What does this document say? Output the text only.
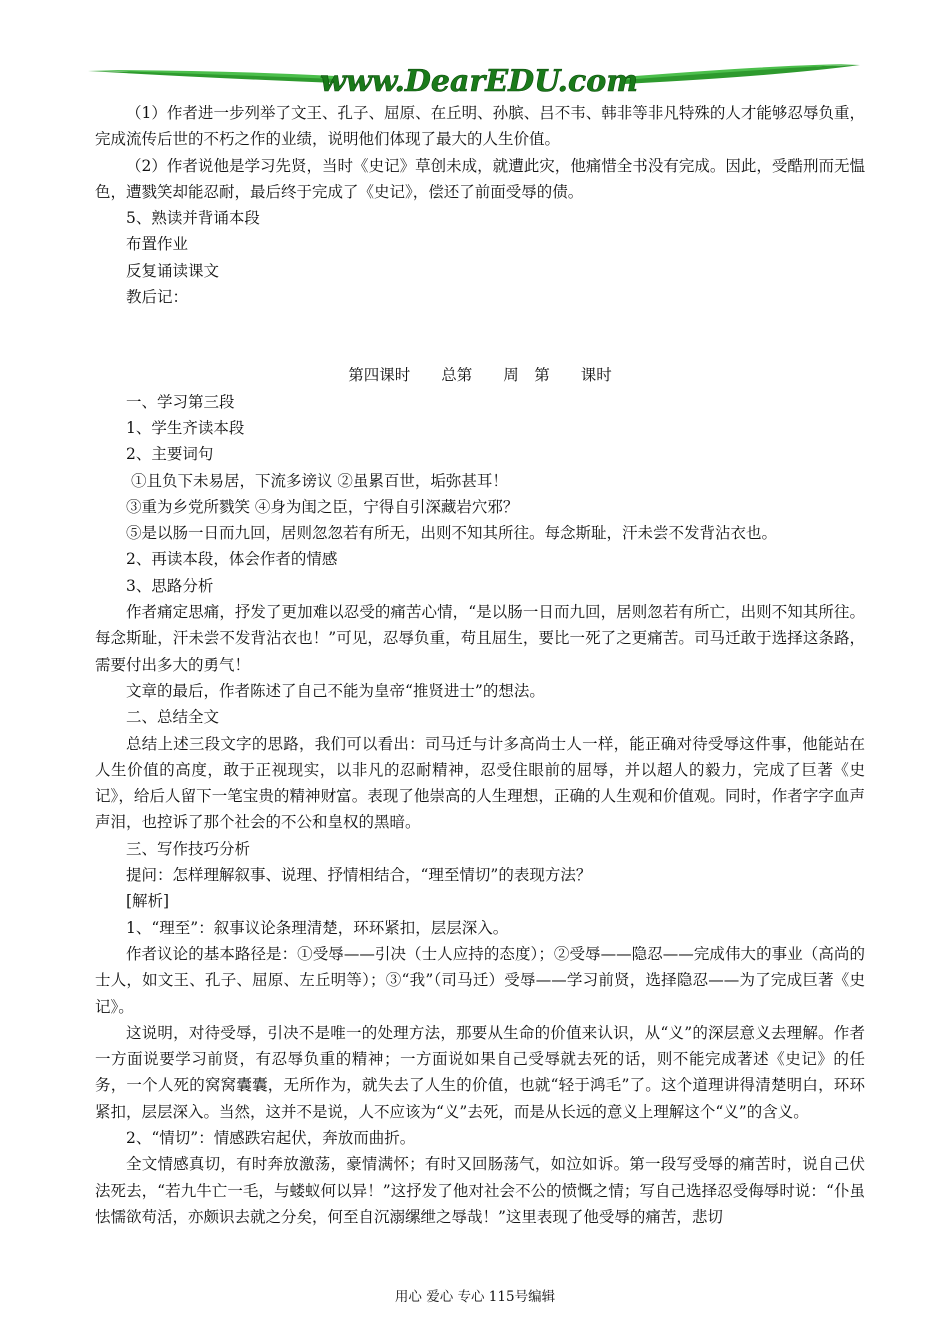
www.DearEDU.com

（1）作者进一步列举了文王、孔子、屈原、在丘明、孙膑、吕不韦、韩非等非凡特殊的人才能够忍辱负重，完成流传后世的不朽之作的业绩，说明他们体现了最大的人生价值。

（2）作者说他是学习先贤，当时《史记》草创未成，就遭此灾，他痛惜全书没有完成。因此，受酷刑而无愠色，遭戮笑却能忍耐，最后终于完成了《史记》，偿还了前面受辱的债。

5、熟读并背诵本段

布置作业

反复诵读课文

教后记：

第四课时　　总第　　周　第　　课时

一、学习第三段

1、学生齐读本段

2、主要词句

①且负下未易居，下流多谤议 ②虽累百世，垢弥甚耳！

③重为乡党所戮笑 ④身为闺之臣，宁得自引深藏岩穴邪？

⑤是以肠一日而九回，居则忽忽若有所无，出则不知其所往。每念斯耻，汗未尝不发背沾衣也。

2、再读本段，体会作者的情感

3、思路分析

作者痛定思痛，抒发了更加难以忍受的痛苦心情，“是以肠一日而九回，居则忽若有所亡，出则不知其所往。每念斯耻，汗未尝不发背沾衣也！”可见，忍辱负重，苟且屈生，要比一死了之更痛苦。司马迁敢于选择这条路，需要付出多大的勇气！

文章的最后，作者陈述了自己不能为皇帝“推贤进士”的想法。

二、总结全文

总结上述三段文字的思路，我们可以看出：司马迁与计多高尚士人一样，能正确对待受辱这件事，他能站在人生价值的高度，敢于正视现实，以非凡的忍耐精神，忍受住眼前的屈辱，并以超人的毅力，完成了巨著《史记》，给后人留下一笔宝贵的精神财富。表现了他崇高的人生理想，正确的人生观和价值观。同时，作者字字血声声泪，也控诉了那个社会的不公和皇权的黑暗。

三、写作技巧分析

提问：怎样理解叙事、说理、抒情相结合，“理至情切”的表现方法？

[解析]

1、“理至”：叙事议论条理清楚，环环紧扣，层层深入。

作者议论的基本路径是：①受辱——引决（士人应持的态度）；②受辱——隐忍——完成伟大的事业（高尚的士人，如文王、孔子、屈原、左丘明等）；③“我”（司马迁）受辱——学习前贤，选择隐忍——为了完成巨著《史记》。

这说明，对待受辱，引决不是唯一的处理方法，那要从生命的价值来认识，从“义”的深层意义去理解。作者一方面说要学习前贤，有忍辱负重的精神；一方面说如果自己受辱就去死的话，则不能完成著述《史记》的任务，一个人死的窝窝囊囊，无所作为，就失去了人生的价值，也就“轻于鸿毛”了。这个道理讲得清楚明白，环环紧扣，层层深入。当然，这并不是说，人不应该为“义”去死，而是从长远的意义上理解这个“义”的含义。

2、“情切”：情感跌宕起伏，奔放而曲折。

全文情感真切，有时奔放激荡，豪情满怀；有时又回肠荡气，如泣如诉。第一段写受辱的痛苦时，说自己伏法死去，“若九牛亡一毛，与蝼蚁何以异！”这抒发了他对社会不公的愤慨之情；写自己选择忍受侮辱时说：“仆虽怯懦欲苟活，亦颇识去就之分矣，何至自沉溺缧绁之辱哉！”这里表现了他受辱的痛苦，悲切

用心 爱心 专心 115号编辑
